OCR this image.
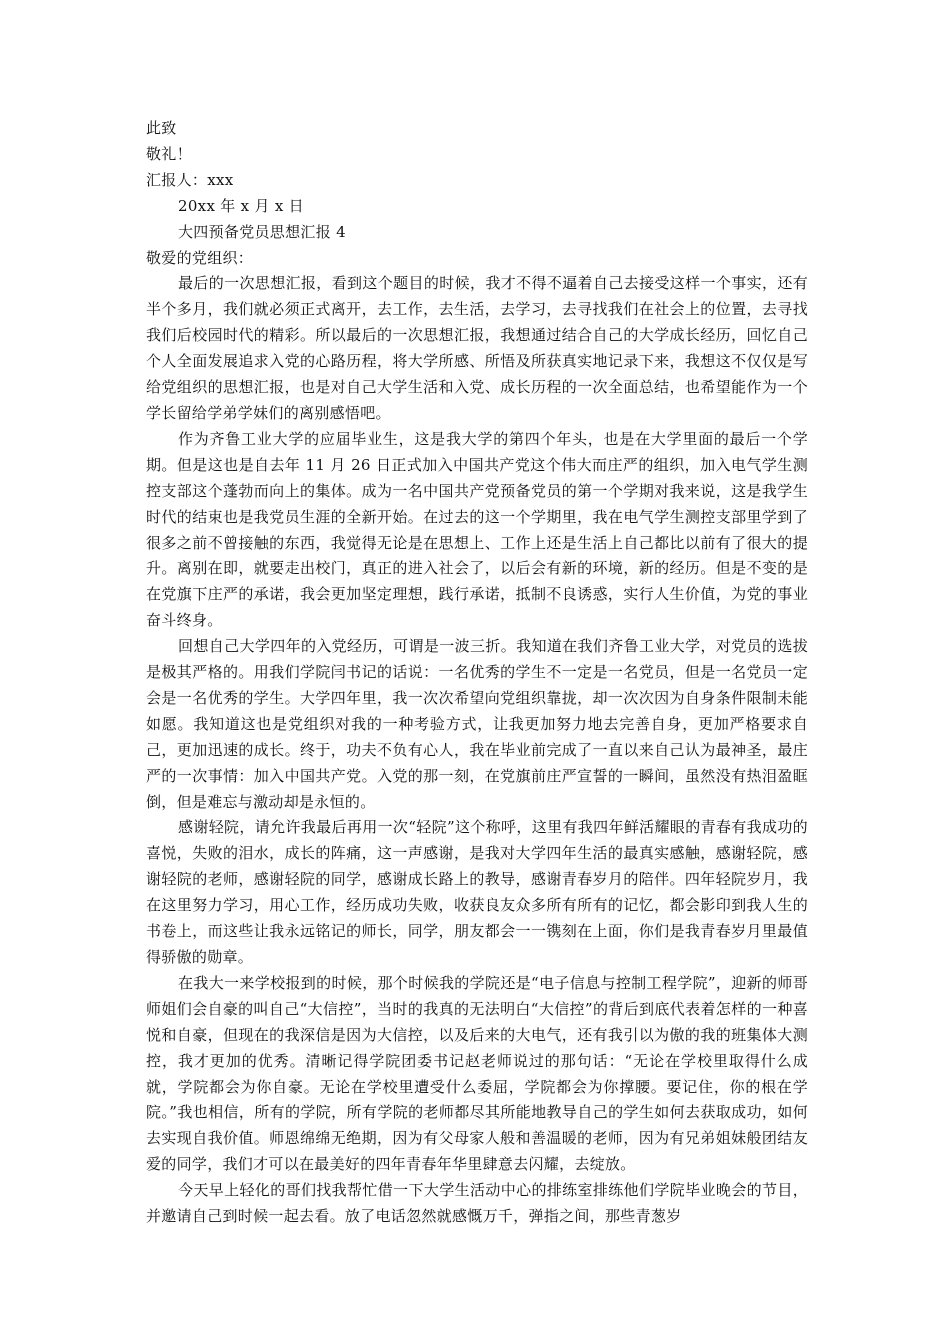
此致
敬礼！
汇报人：xxx
20xx 年 x 月 x 日
大四预备党员思想汇报 4
敬爱的党组织：

最后的一次思想汇报，看到这个题目的时候，我才不得不逼着自己去接受这样一个事实，还有半个多月，我们就必须正式离开，去工作，去生活，去学习，去寻找我们在社会上的位置，去寻找我们后校园时代的精彩。所以最后的一次思想汇报，我想通过结合自己的大学成长经历，回忆自己个人全面发展追求入党的心路历程，将大学所感、所悟及所获真实地记录下来，我想这不仅仅是写给党组织的思想汇报，也是对自己大学生活和入党、成长历程的一次全面总结，也希望能作为一个学长留给学弟学妹们的离别感悟吧。

作为齐鲁工业大学的应届毕业生，这是我大学的第四个年头，也是在大学里面的最后一个学期。但是这也是自去年 11 月 26 日正式加入中国共产党这个伟大而庄严的组织，加入电气学生测控支部这个蓬勃而向上的集体。成为一名中国共产党预备党员的第一个学期对我来说，这是我学生时代的结束也是我党员生涯的全新开始。在过去的这一个学期里，我在电气学生测控支部里学到了很多之前不曾接触的东西，我觉得无论是在思想上、工作上还是生活上自己都比以前有了很大的提升。离别在即，就要走出校门，真正的进入社会了，以后会有新的环境，新的经历。但是不变的是在党旗下庄严的承诺，我会更加坚定理想，践行承诺，抵制不良诱惑，实行人生价值，为党的事业奋斗终身。

回想自己大学四年的入党经历，可谓是一波三折。我知道在我们齐鲁工业大学，对党员的选拔是极其严格的。用我们学院闫书记的话说：一名优秀的学生不一定是一名党员，但是一名党员一定会是一名优秀的学生。大学四年里，我一次次希望向党组织靠拢，却一次次因为自身条件限制未能如愿。我知道这也是党组织对我的一种考验方式，让我更加努力地去完善自身，更加严格要求自己，更加迅速的成长。终于，功夫不负有心人，我在毕业前完成了一直以来自己认为最神圣，最庄严的一次事情：加入中国共产党。入党的那一刻，在党旗前庄严宣誓的一瞬间，虽然没有热泪盈眶倒，但是难忘与激动却是永恒的。

感谢轻院，请允许我最后再用一次“轻院”这个称呼，这里有我四年鲜活耀眼的青春有我成功的喜悦，失败的泪水，成长的阵痛，这一声感谢，是我对大学四年生活的最真实感触，感谢轻院，感谢轻院的老师，感谢轻院的同学，感谢成长路上的教导，感谢青春岁月的陪伴。四年轻院岁月，我在这里努力学习，用心工作，经历成功失败，收获良友众多所有所有的记忆，都会影印到我人生的书卷上，而这些让我永远铭记的师长，同学，朋友都会一一镌刻在上面，你们是我青春岁月里最值得骄傲的勋章。

在我大一来学校报到的时候，那个时候我的学院还是“电子信息与控制工程学院”，迎新的师哥师姐们会自豪的叫自己“大信控”，当时的我真的无法明白“大信控”的背后到底代表着怎样的一种喜悦和自豪，但现在的我深信是因为大信控，以及后来的大电气，还有我引以为傲的我的班集体大测控，我才更加的优秀。清晰记得学院团委书记赵老师说过的那句话：“无论在学校里取得什么成就，学院都会为你自豪。无论在学校里遭受什么委屈，学院都会为你撑腰。要记住，你的根在学院。”我也相信，所有的学院，所有学院的老师都尽其所能地教导自己的学生如何去获取成功，如何去实现自我价值。师恩绵绵无绝期，因为有父母家人般和善温暖的老师，因为有兄弟姐妹般团结友爱的同学，我们才可以在最美好的四年青春年华里肆意去闪耀，去绽放。

今天早上轻化的哥们找我帮忙借一下大学生活动中心的排练室排练他们学院毕业晚会的节目，并邀请自己到时候一起去看。放了电话忽然就感慨万千，弹指之间，那些青葱岁
